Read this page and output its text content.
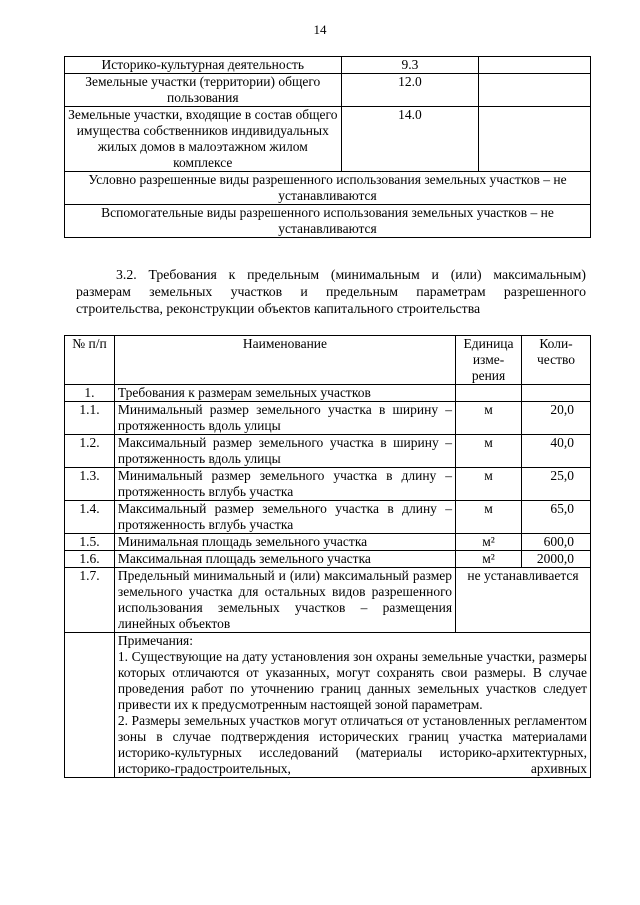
14
Историко-культурная деятельность	9.3	
Земельные участки (территории) общего пользования	12.0	
Земельные участки, входящие в состав общего имущества собственников индивидуальных жилых домов в малоэтажном жилом комплексе	14.0	
Условно разрешенные виды разрешенного использования земельных участков – не устанавливаются		
Вспомогательные виды разрешенного использования земельных участков – не устанавливаются		
3.2. Требования к предельным (минимальным и (или) максимальным) размерам земельных участков и предельным параметрам разрешенного строительства, реконструкции объектов капитального строительства
№ п/п	Наименование	Единица изме-рения	Коли-чество
1.	Требования к размерам земельных участков		
1.1.	Минимальный размер земельного участка в ширину – протяженность вдоль улицы	м	20,0
1.2.	Максимальный размер земельного участка в ширину – протяженность вдоль улицы	м	40,0
1.3.	Минимальный размер земельного участка в длину – протяженность вглубь участка	м	25,0
1.4.	Максимальный размер земельного участка в длину – протяженность вглубь участка	м	65,0
1.5.	Минимальная площадь земельного участка	м²	600,0
1.6.	Максимальная площадь земельного участка	м²	2000,0
1.7.	Предельный минимальный и (или) максимальный размер земельного участка для остальных видов разрешенного использования земельных участков – размещения линейных объектов	не устанавливается	

	Примечания:

1. Существующие на дату установления зон охраны земельные участки, размеры которых отличаются от указанных, могут сохранять свои размеры. В случае проведения работ по уточнению границ данных земельных участков следует привести их к предусмотренным настоящей зоной параметрам.

2. Размеры земельных участков могут отличаться от установленных регламентом зоны в случае подтверждения исторических границ участка материалами историко-культурных исследований (материалы историко-архитектурных, историко-градостроительных, архивных		
